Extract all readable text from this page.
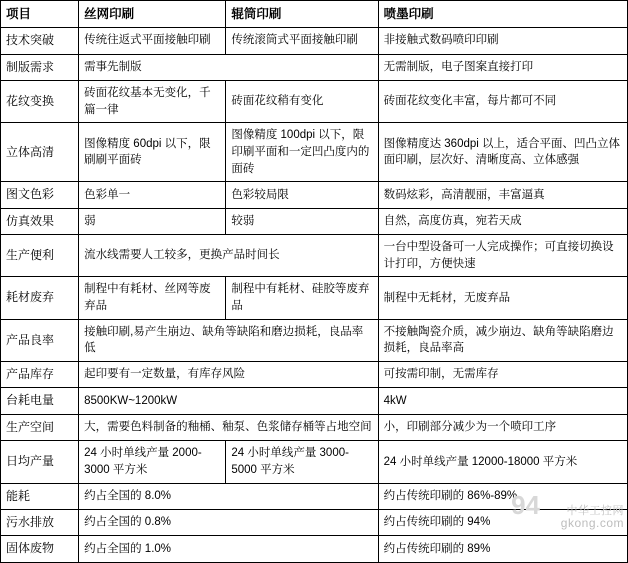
项目	丝网印刷	辊筒印刷	喷墨印刷
技术突破	传统往返式平面接触印刷	传统滚筒式平面接触印刷	非接触式数码喷印印刷
制版需求	需事先制版		无需制版，电子图案直接打印
花纹变换	砖面花纹基本无变化，千篇一律	砖面花纹稍有变化	砖面花纹变化丰富，每片都可不同
立体高清	图像精度 60dpi 以下，限刷刷平面砖	图像精度 100dpi 以下，限印刷平面和一定凹凸度内的面砖	图像精度达 360dpi 以上，适合平面、凹凸立体面印刷，层次好、清晰度高、立体感强
图文色彩	色彩单一	色彩较局限	数码炫彩，高清靓丽，丰富逼真
仿真效果	弱	较弱	自然，高度仿真，宛若天成
生产便利	流水线需要人工较多，更换产品时间长		一台中型设备可一人完成操作；可直接切换设计打印，方便快速
耗材废弃	制程中有耗材、丝网等废弃品	制程中有耗材、硅胶等废弃品	制程中无耗材，无废弃品
产品良率	接触印刷,易产生崩边、缺角等缺陷和磨边损耗，良品率低		不接触陶瓷介质，减少崩边、缺角等缺陷磨边损耗，良品率高
产品库存	起印要有一定数量，有库存风险		可按需印制，无需库存
台耗电量	8500KW~1200kW		4kW
生产空间	大，需要色料制备的釉桶、釉泵、色浆储存桶等占地空间		小，印刷部分减少为一个喷印工序
日均产量	24 小时单线产量 2000-3000 平方米	24 小时单线产量 3000-5000 平方米	24 小时单线产量 12000-18000 平方米
能耗	约占全国的 8.0%		约占传统印刷的 86%-89%
污水排放	约占全国的 0.8%		约占传统印刷的 94%
固体废物	约占全国的 1.0%		约占传统印刷的 89%
94	中华工控网
gkong.com
